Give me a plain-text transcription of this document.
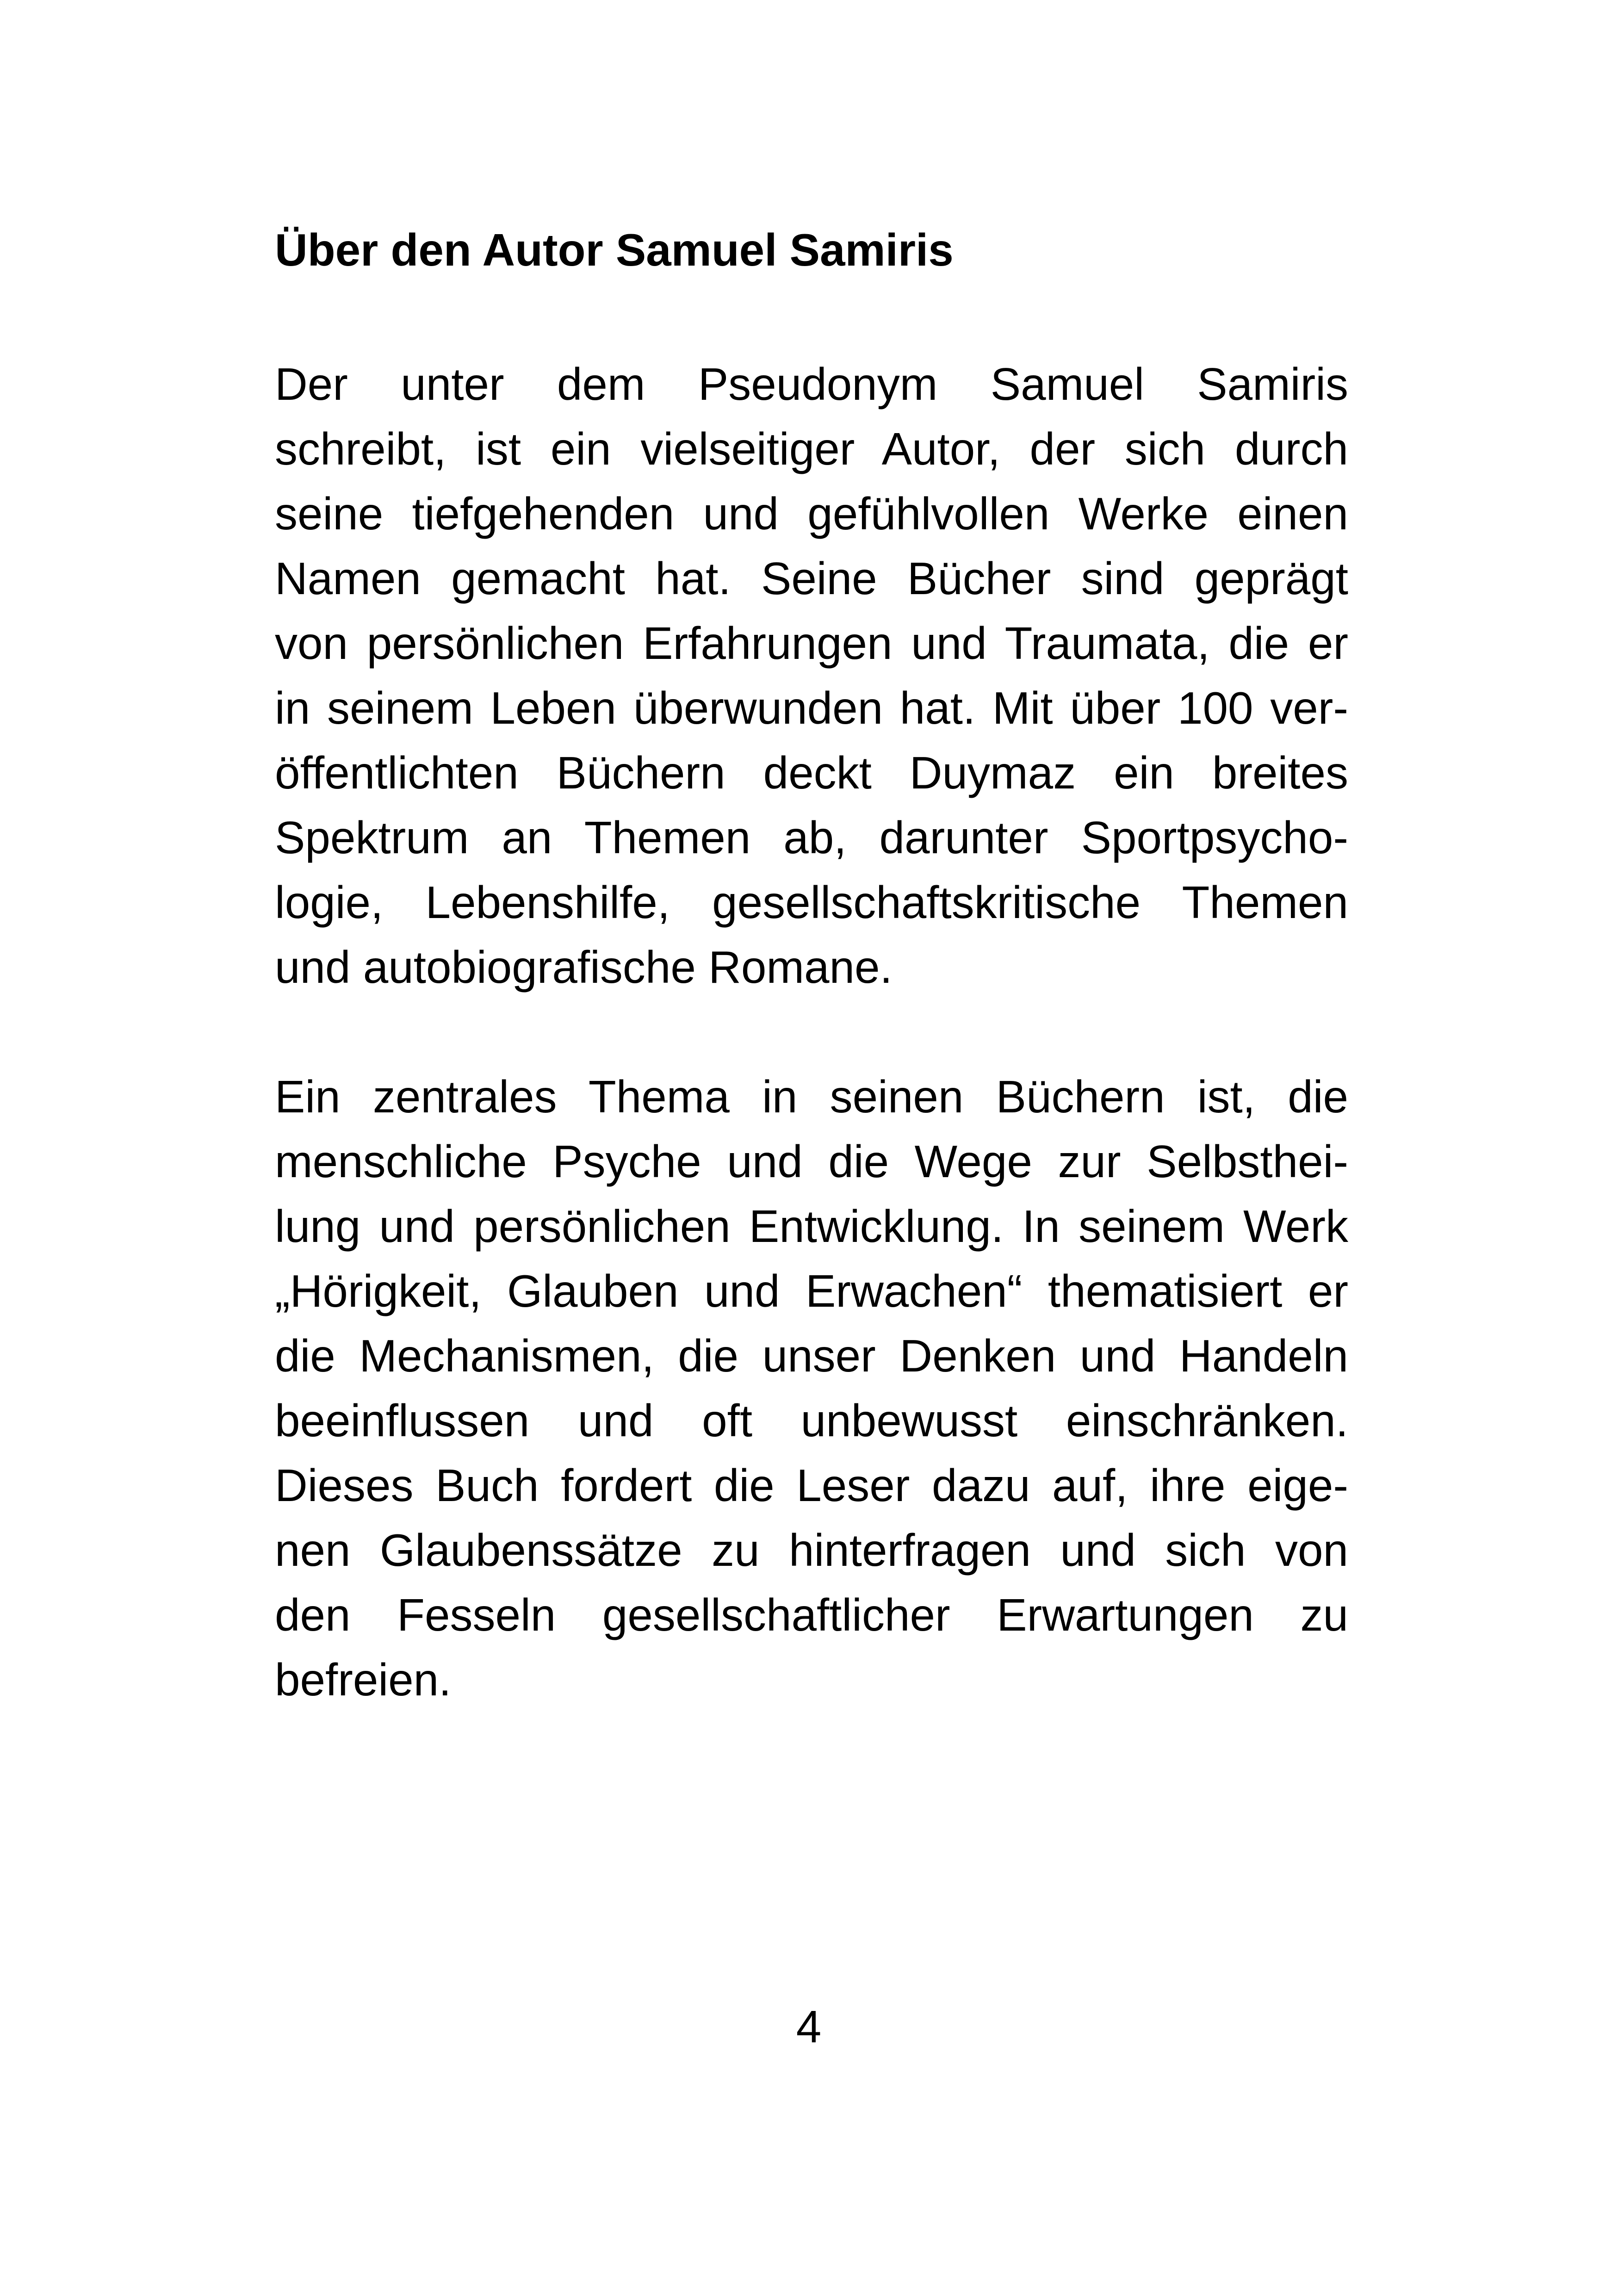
Über den Autor Samuel Samiris
Der unter dem Pseudonym Samuel Samiris
schreibt, ist ein vielseitiger Autor, der sich durch
seine tiefgehenden und gefühlvollen Werke einen
Namen gemacht hat. Seine Bücher sind geprägt
von persönlichen Erfahrungen und Traumata, die er
in seinem Leben überwunden hat. Mit über 100 ver-
öffentlichten Büchern deckt Duymaz ein breites
Spektrum an Themen ab, darunter Sportpsycho-
logie, Lebenshilfe, gesellschaftskritische Themen
und autobiografische Romane.
Ein zentrales Thema in seinen Büchern ist, die
menschliche Psyche und die Wege zur Selbsthei-
lung und persönlichen Entwicklung. In seinem Werk
„Hörigkeit, Glauben und Erwachen“ thematisiert er
die Mechanismen, die unser Denken und Handeln
beeinflussen und oft unbewusst einschränken.
Dieses Buch fordert die Leser dazu auf, ihre eige-
nen Glaubenssätze zu hinterfragen und sich von
den Fesseln gesellschaftlicher Erwartungen zu
befreien.
4
